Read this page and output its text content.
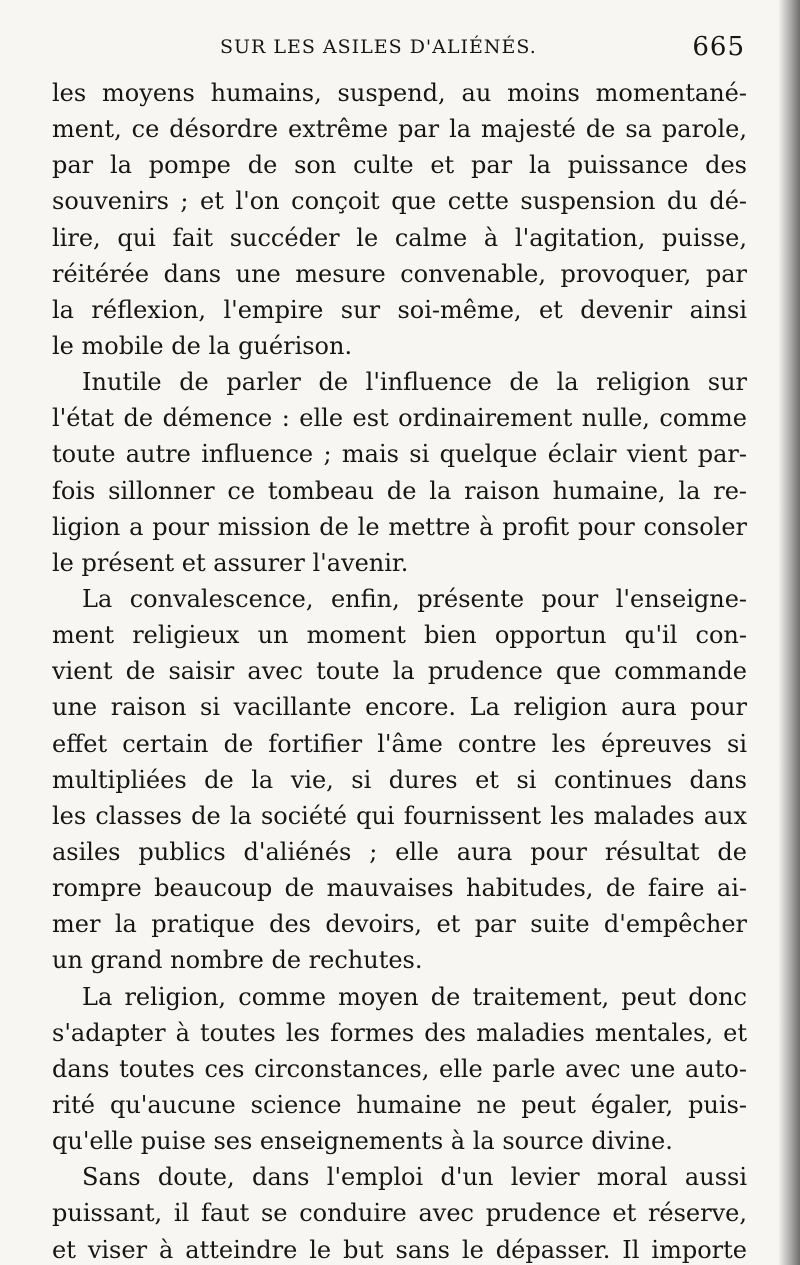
SUR LES ASILES D'ALIÉNÉS.	665
les moyens humains, suspend, au moins momentané-
ment, ce désordre extrême par la majesté de sa parole,
par la pompe de son culte et par la puissance des
souvenirs ; et l'on conçoit que cette suspension du dé-
lire, qui fait succéder le calme à l'agitation, puisse,
réitérée dans une mesure convenable, provoquer, par
la réflexion, l'empire sur soi-même, et devenir ainsi
le mobile de la guérison.
Inutile de parler de l'influence de la religion sur
l'état de démence : elle est ordinairement nulle, comme
toute autre influence ; mais si quelque éclair vient par-
fois sillonner ce tombeau de la raison humaine, la re-
ligion a pour mission de le mettre à profit pour consoler
le présent et assurer l'avenir.
La convalescence, enfin, présente pour l'enseigne-
ment religieux un moment bien opportun qu'il con-
vient de saisir avec toute la prudence que commande
une raison si vacillante encore. La religion aura pour
effet certain de fortifier l'âme contre les épreuves si
multipliées de la vie, si dures et si continues dans
les classes de la société qui fournissent les malades aux
asiles publics d'aliénés ; elle aura pour résultat de
rompre beaucoup de mauvaises habitudes, de faire ai-
mer la pratique des devoirs, et par suite d'empêcher
un grand nombre de rechutes.
La religion, comme moyen de traitement, peut donc
s'adapter à toutes les formes des maladies mentales, et
dans toutes ces circonstances, elle parle avec une auto-
rité qu'aucune science humaine ne peut égaler, puis-
qu'elle puise ses enseignements à la source divine.
Sans doute, dans l'emploi d'un levier moral aussi
puissant, il faut se conduire avec prudence et réserve,
et viser à atteindre le but sans le dépasser. Il importe
